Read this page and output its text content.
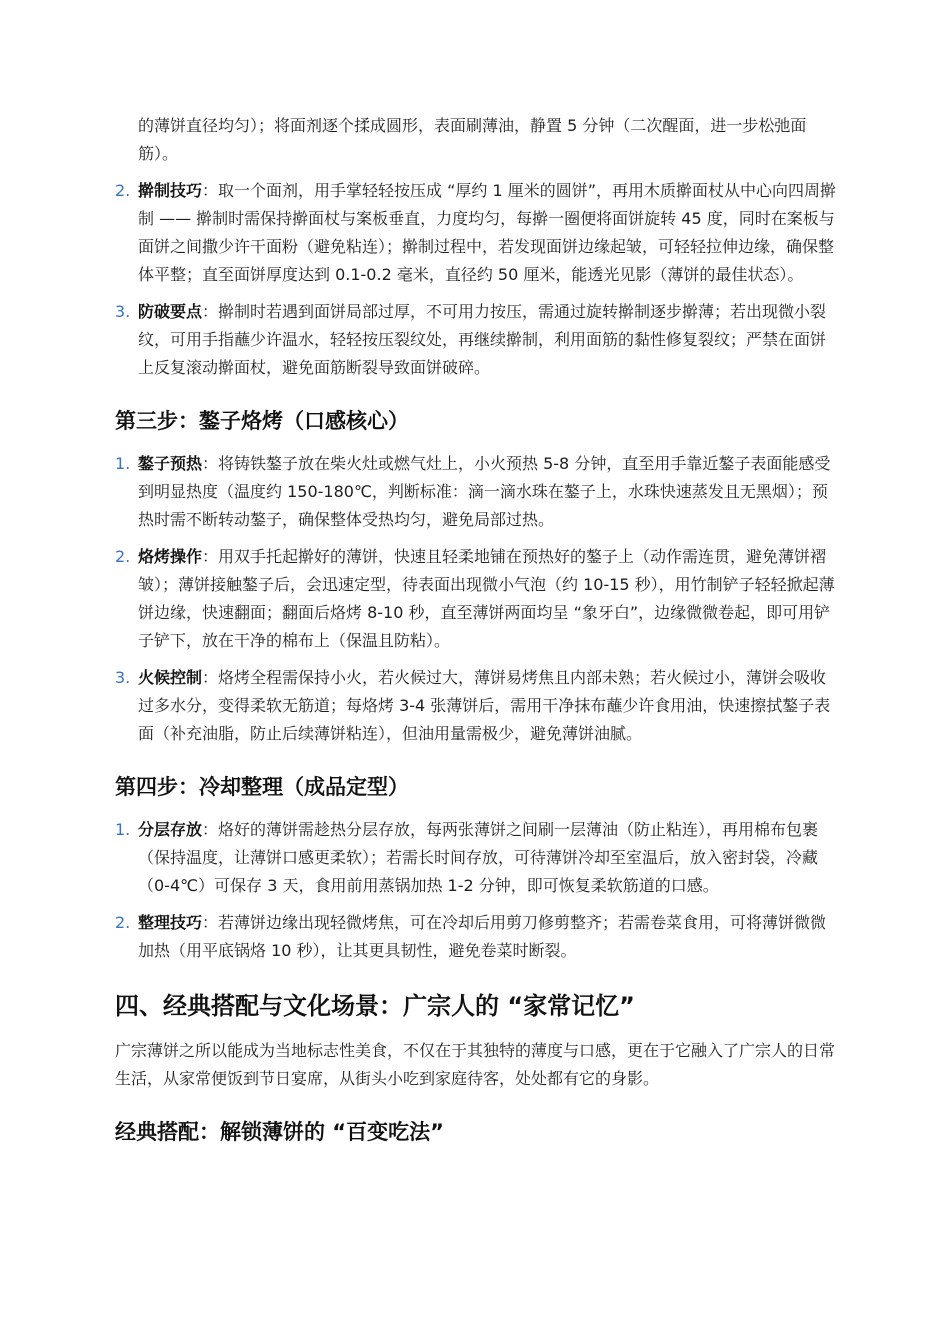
的薄饼直径均匀）；将面剂逐个揉成圆形，表面刷薄油，静置 5 分钟（二次醒面，进一步松弛面筋）。
2. 擀制技巧：取一个面剂，用手掌轻轻按压成 “厚约 1 厘米的圆饼”，再用木质擀面杖从中心向四周擀制 —— 擀制时需保持擀面杖与案板垂直，力度均匀，每擀一圈便将面饼旋转 45 度，同时在案板与面饼之间撒少许干面粉（避免粘连）；擀制过程中，若发现面饼边缘起皱，可轻轻拉伸边缘，确保整体平整；直至面饼厚度达到 0.1-0.2 毫米，直径约 50 厘米，能透光见影（薄饼的最佳状态）。
3. 防破要点：擀制时若遇到面饼局部过厚，不可用力按压，需通过旋转擀制逐步擀薄；若出现微小裂纹，可用手指蘸少许温水，轻轻按压裂纹处，再继续擀制，利用面筋的黏性修复裂纹；严禁在面饼上反复滚动擀面杖，避免面筋断裂导致面饼破碎。
第三步：鏊子烙烤（口感核心）
1. 鏊子预热：将铸铁鏊子放在柴火灶或燃气灶上，小火预热 5-8 分钟，直至用手靠近鏊子表面能感受到明显热度（温度约 150-180℃，判断标准：滴一滴水珠在鏊子上，水珠快速蒸发且无黑烟）；预热时需不断转动鏊子，确保整体受热均匀，避免局部过热。
2. 烙烤操作：用双手托起擀好的薄饼，快速且轻柔地铺在预热好的鏊子上（动作需连贯，避免薄饼褶皱）；薄饼接触鏊子后，会迅速定型，待表面出现微小气泡（约 10-15 秒），用竹制铲子轻轻掀起薄饼边缘，快速翻面；翻面后烙烤 8-10 秒，直至薄饼两面均呈 “象牙白”，边缘微微卷起，即可用铲子铲下，放在干净的棉布上（保温且防粘）。
3. 火候控制：烙烤全程需保持小火，若火候过大，薄饼易烤焦且内部未熟；若火候过小，薄饼会吸收过多水分，变得柔软无筋道；每烙烤 3-4 张薄饼后，需用干净抹布蘸少许食用油，快速擦拭鏊子表面（补充油脂，防止后续薄饼粘连），但油用量需极少，避免薄饼油腻。
第四步：冷却整理（成品定型）
1. 分层存放：烙好的薄饼需趁热分层存放，每两张薄饼之间刷一层薄油（防止粘连），再用棉布包裹（保持温度，让薄饼口感更柔软）；若需长时间存放，可待薄饼冷却至室温后，放入密封袋，冷藏（0-4℃）可保存 3 天，食用前用蒸锅加热 1-2 分钟，即可恢复柔软筋道的口感。
2. 整理技巧：若薄饼边缘出现轻微烤焦，可在冷却后用剪刀修剪整齐；若需卷菜食用，可将薄饼微微加热（用平底锅烙 10 秒），让其更具韧性，避免卷菜时断裂。
四、经典搭配与文化场景：广宗人的 “家常记忆”

广宗薄饼之所以能成为当地标志性美食，不仅在于其独特的薄度与口感，更在于它融入了广宗人的日常生活，从家常便饭到节日宴席，从街头小吃到家庭待客，处处都有它的身影。

经典搭配：解锁薄饼的 “百变吃法”
